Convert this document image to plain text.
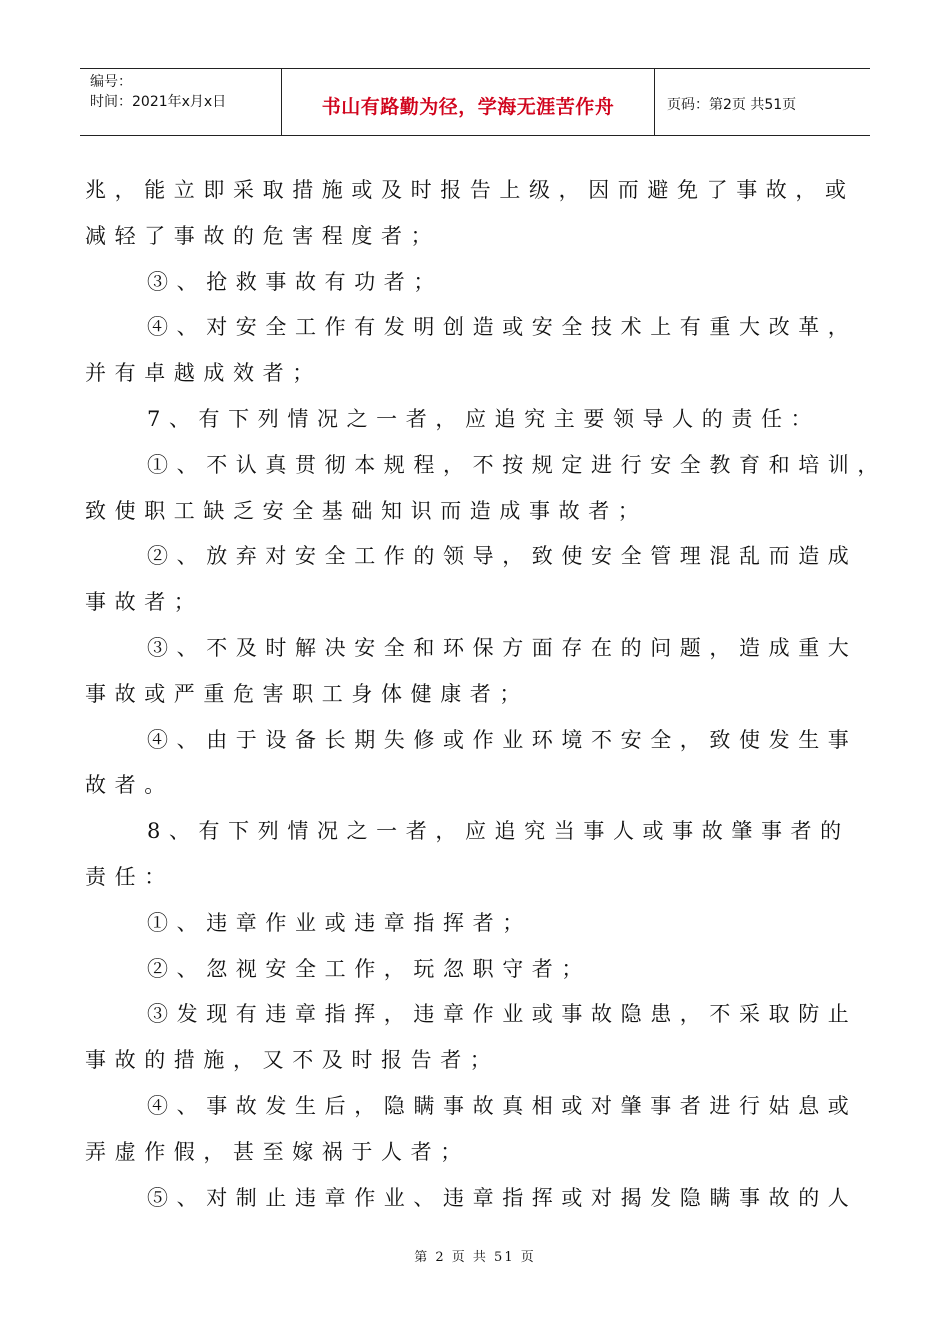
编号：
时间：2021年x月x日	书山有路勤为径，学海无涯苦作舟	页码：第2页 共51页

兆，能立即采取措施或及时报告上级，因而避免了事故，或

减轻了事故的危害程度者；

③、抢救事故有功者；

④、对安全工作有发明创造或安全技术上有重大改革，

并有卓越成效者；

7、有下列情况之一者，应追究主要领导人的责任：

①、不认真贯彻本规程，不按规定进行安全教育和培训，

致使职工缺乏安全基础知识而造成事故者；

②、放弃对安全工作的领导，致使安全管理混乱而造成

事故者；

③、不及时解决安全和环保方面存在的问题，造成重大

事故或严重危害职工身体健康者；

④、由于设备长期失修或作业环境不安全，致使发生事

故者。

8、有下列情况之一者，应追究当事人或事故肇事者的

责任：

①、违章作业或违章指挥者；

②、忽视安全工作，玩忽职守者；

③发现有违章指挥，违章作业或事故隐患，不采取防止

事故的措施，又不及时报告者；

④、事故发生后，隐瞒事故真相或对肇事者进行姑息或

弄虚作假，甚至嫁祸于人者；

⑤、对制止违章作业、违章指挥或对揭发隐瞒事故的人

第 2 页 共 51 页
